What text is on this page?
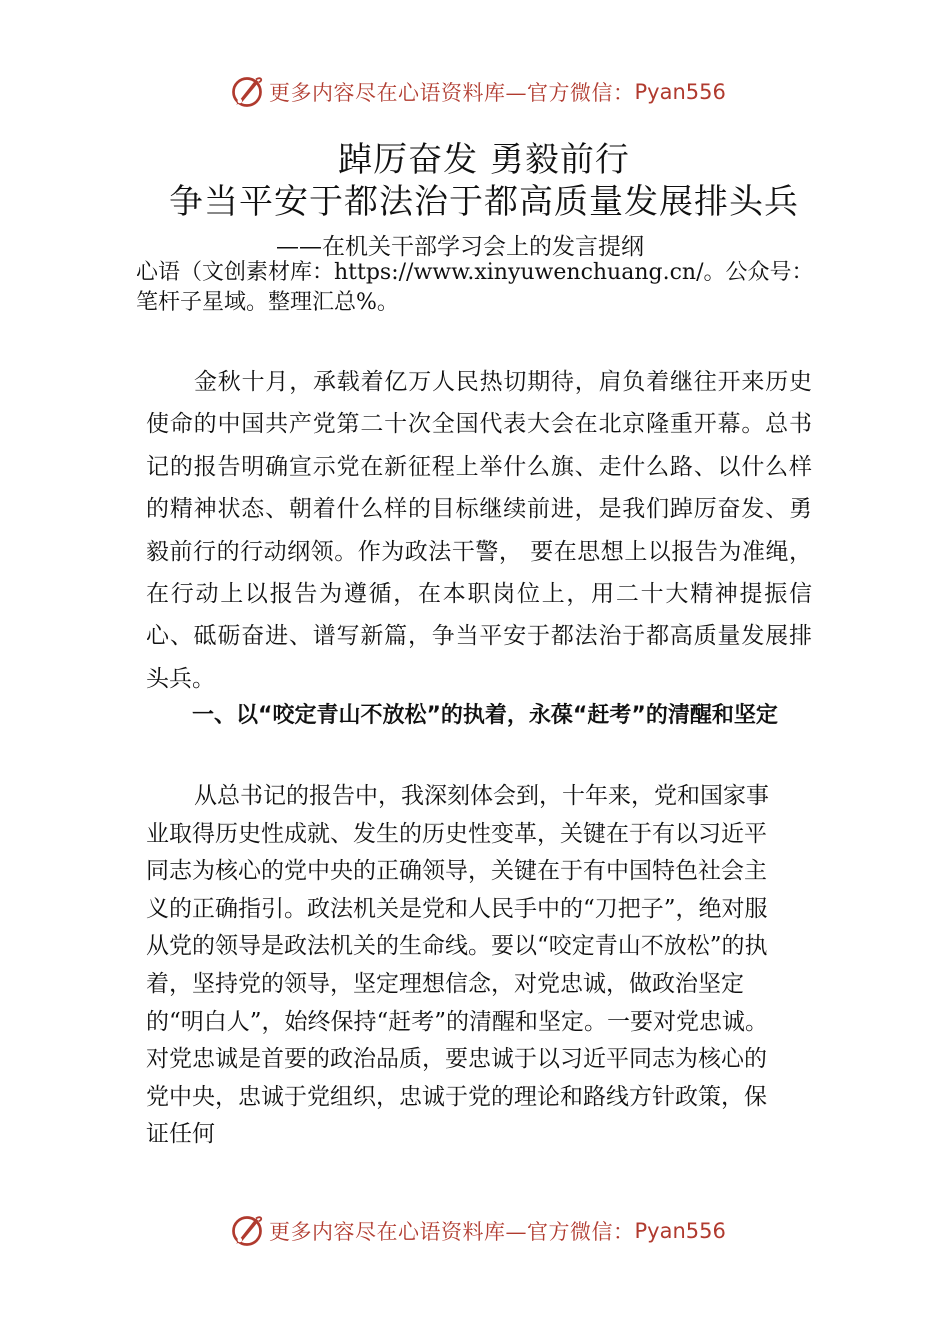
更多内容尽在心语资料库—官方微信： Pyan556
踔厉奋发 勇毅前行
争当平安于都法治于都高质量发展排头兵
——在机关干部学习会上的发言提纲
心语（文创素材库：https://www.xinyuwenchuang.cn/。公众号：笔杆子星域。整理汇总%。
金秋十月，承载着亿万人民热切期待，肩负着继往开来历史使命的中国共产党第二十次全国代表大会在北京隆重开幕。总书记的报告明确宣示党在新征程上举什么旗、走什么路、以什么样的精神状态、朝着什么样的目标继续前进，是我们踔厉奋发、勇毅前行的行动纲领。作为政法干警， 要在思想上以报告为准绳，在行动上以报告为遵循，在本职岗位上，用二十大精神提振信心、砥砺奋进、谱写新篇，争当平安于都法治于都高质量发展排头兵。
一、以“咬定青山不放松”的执着，永葆“赶考”的清醒和坚定
从总书记的报告中，我深刻体会到，十年来，党和国家事业取得历史性成就、发生的历史性变革，关键在于有以习近平同志为核心的党中央的正确领导，关键在于有中国特色社会主义的正确指引。政法机关是党和人民手中的“刀把子”，绝对服从党的领导是政法机关的生命线。要以“咬定青山不放松”的执着，坚持党的领导，坚定理想信念，对党忠诚，做政治坚定的“明白人”，始终保持“赶考”的清醒和坚定。一要对党忠诚。对党忠诚是首要的政治品质，要忠诚于以习近平同志为核心的党中央，忠诚于党组织，忠诚于党的理论和路线方针政策，保证任何
更多内容尽在心语资料库—官方微信： Pyan556
